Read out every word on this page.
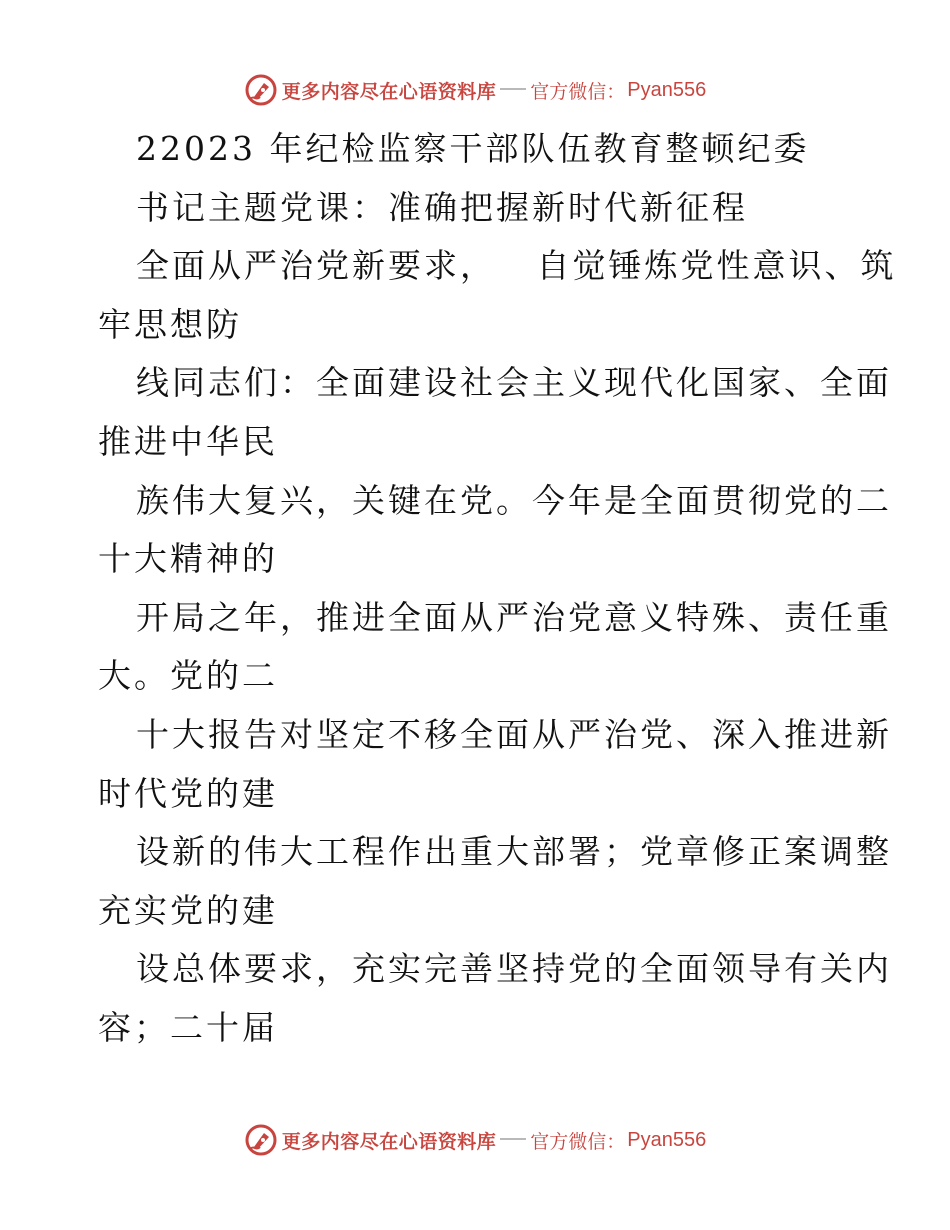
更多内容尽在心语资料库 官方微信： Pyan556
22023 年纪检监察干部队伍教育整顿纪委
书记主题党课：准确把握新时代新征程
全面从严治党新要求，   自觉锤炼党性意识、筑
牢思想防
线同志们：全面建设社会主义现代化国家、全面
推进中华民
族伟大复兴，关键在党。今年是全面贯彻党的二
十大精神的
开局之年，推进全面从严治党意义特殊、责任重
大。党的二
十大报告对坚定不移全面从严治党、深入推进新
时代党的建
设新的伟大工程作出重大部署；党章修正案调整
充实党的建
设总体要求，充实完善坚持党的全面领导有关内
容；二十届
更多内容尽在心语资料库 官方微信： Pyan556
